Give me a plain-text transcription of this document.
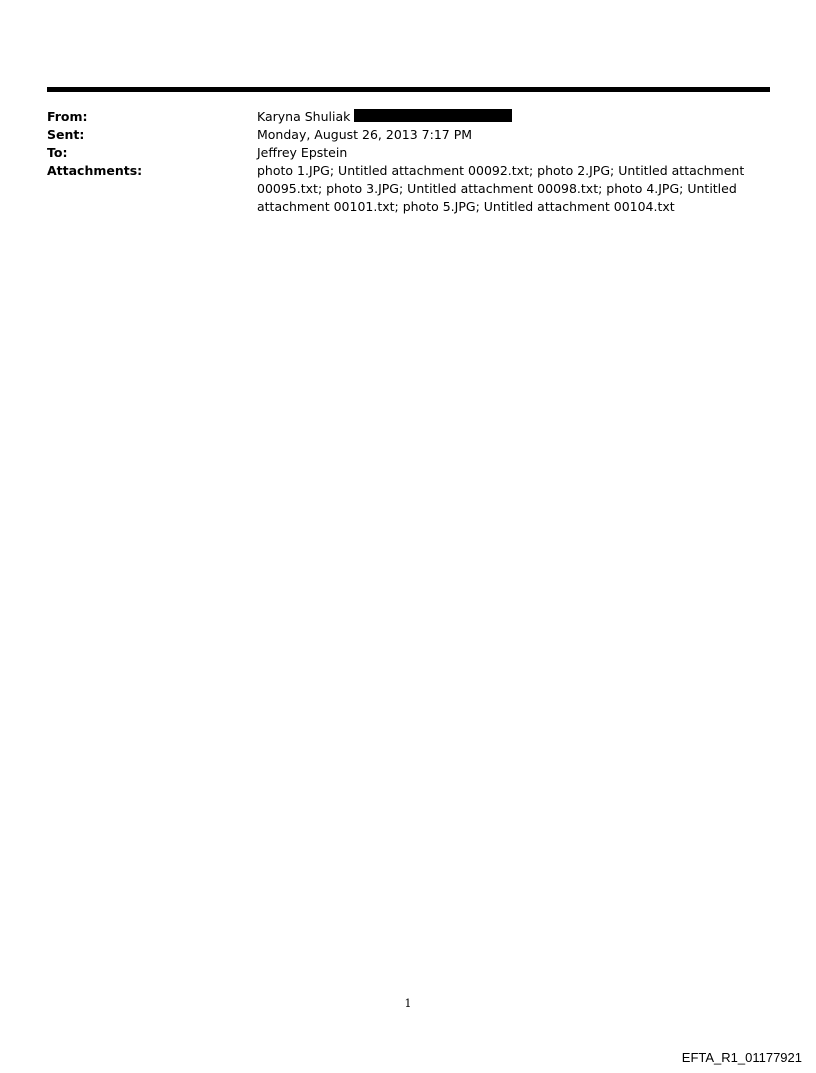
From:	Karyna Shuliak
Sent:	Monday, August 26, 2013 7:17 PM
To:	Jeffrey Epstein
Attachments:	photo 1.JPG; Untitled attachment 00092.txt; photo 2.JPG; Untitled attachment 00095.txt; photo 3.JPG; Untitled attachment 00098.txt; photo 4.JPG; Untitled attachment 00101.txt; photo 5.JPG; Untitled attachment 00104.txt
1
EFTA_R1_01177921
